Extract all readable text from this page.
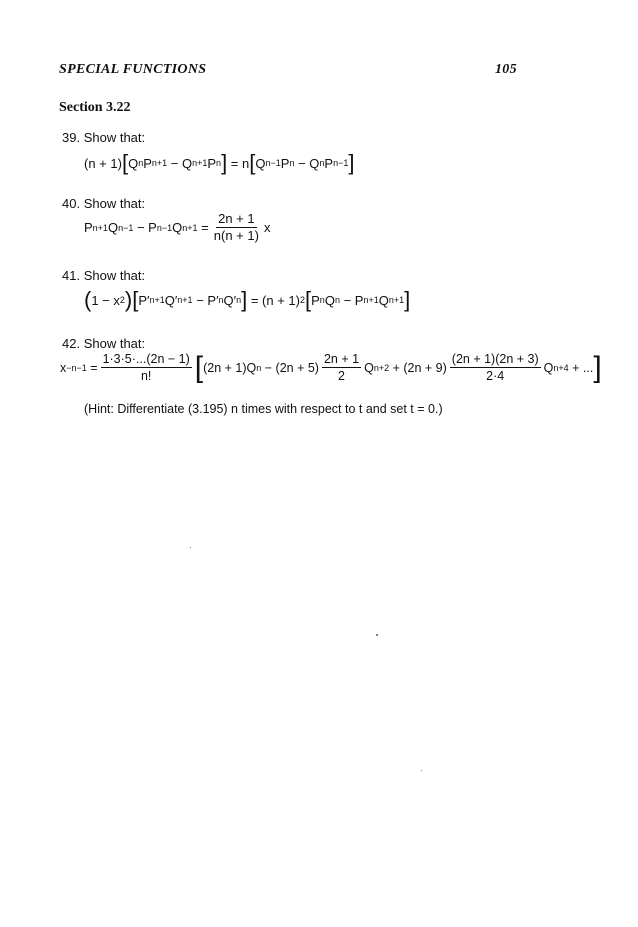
SPECIAL FUNCTIONS	105
Section 3.22
39. Show that:
(n + 1) [ Q n P n+1 − Q n+1 P n ] = n [ Q n−1 P n − Q n P n−1 ]
40. Show that:
P n+1 Q n−1 − P n−1 Q $n+1 = \frac{2n + 1}{n(n + 1)}$ x
41. Show that:
( 1 − x 2 ) [ P′ n+1 Q′ n+1 − P′ n Q′ n ] = (n + 1) 2 [ P n Q n − P n+1 Q n+1 ]
42. Show that:
$x -n-1 = \frac{1\cdot 3\cdot 5\cdot...(2n - 1)}{n!}$ [ (2n + 1)Q $n - (2n + 5) \frac{2n + 1}{2}$ Q $n+2 + (2n + 9) \frac{(2n + 1)(2n + 3)}{2\cdot 4}$ Q n+4 + ... ]
(Hint: Differentiate (3.195) n times with respect to t and set t = 0.)
